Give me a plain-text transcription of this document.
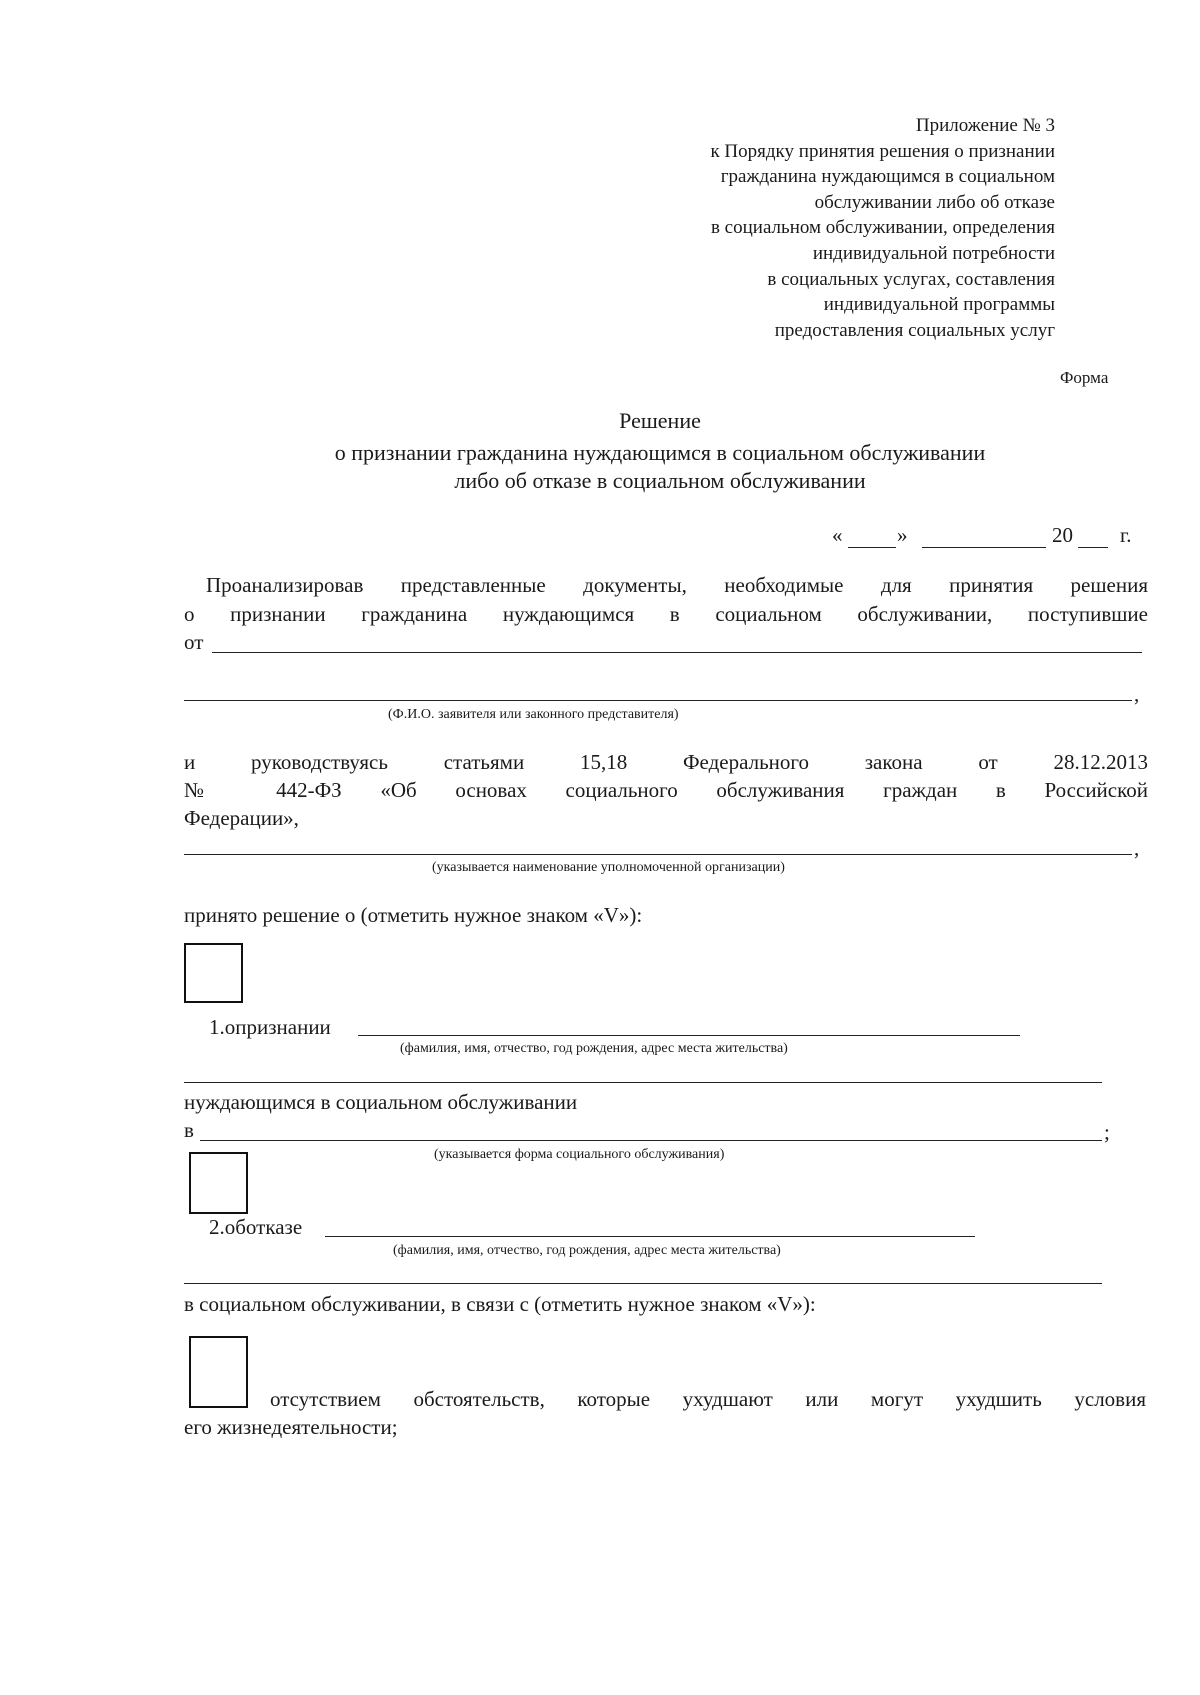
Приложение № 3
к Порядку принятия решения о признании
гражданина нуждающимся в социальном
обслуживании либо об отказе
в социальном обслуживании, определения
индивидуальной потребности
в социальных услугах, составления
индивидуальной программы
предоставления социальных услуг
Форма
Решение
о признании гражданина нуждающимся в социальном обслуживании
либо об отказе в социальном обслуживании
«	»	20 г.
Проанализировав представленные документы, необходимые для принятия решения
о признании гражданина нуждающимся в социальном обслуживании, поступившие
от
,
(Ф.И.О. заявителя или законного представителя)
и руководствуясь статьями 15,18 Федерального закона от 28.12.2013
№ 442-ФЗ «Об основах социального обслуживания граждан в Российской
Федерации»,
,
(указывается наименование уполномоченной организации)
принято решение о (отметить нужное знаком «V»):
1.опризнании
(фамилия, имя, отчество, год рождения, адрес места жительства)
нуждающимся в социальном обслуживании
в	;
(указывается форма социального обслуживания)
2.оботказе
(фамилия, имя, отчество, год рождения, адрес места жительства)
в социальном обслуживании, в связи с (отметить нужное знаком «V»):
отсутствием обстоятельств, которые ухудшают или могут ухудшить условия
его жизнедеятельности;
